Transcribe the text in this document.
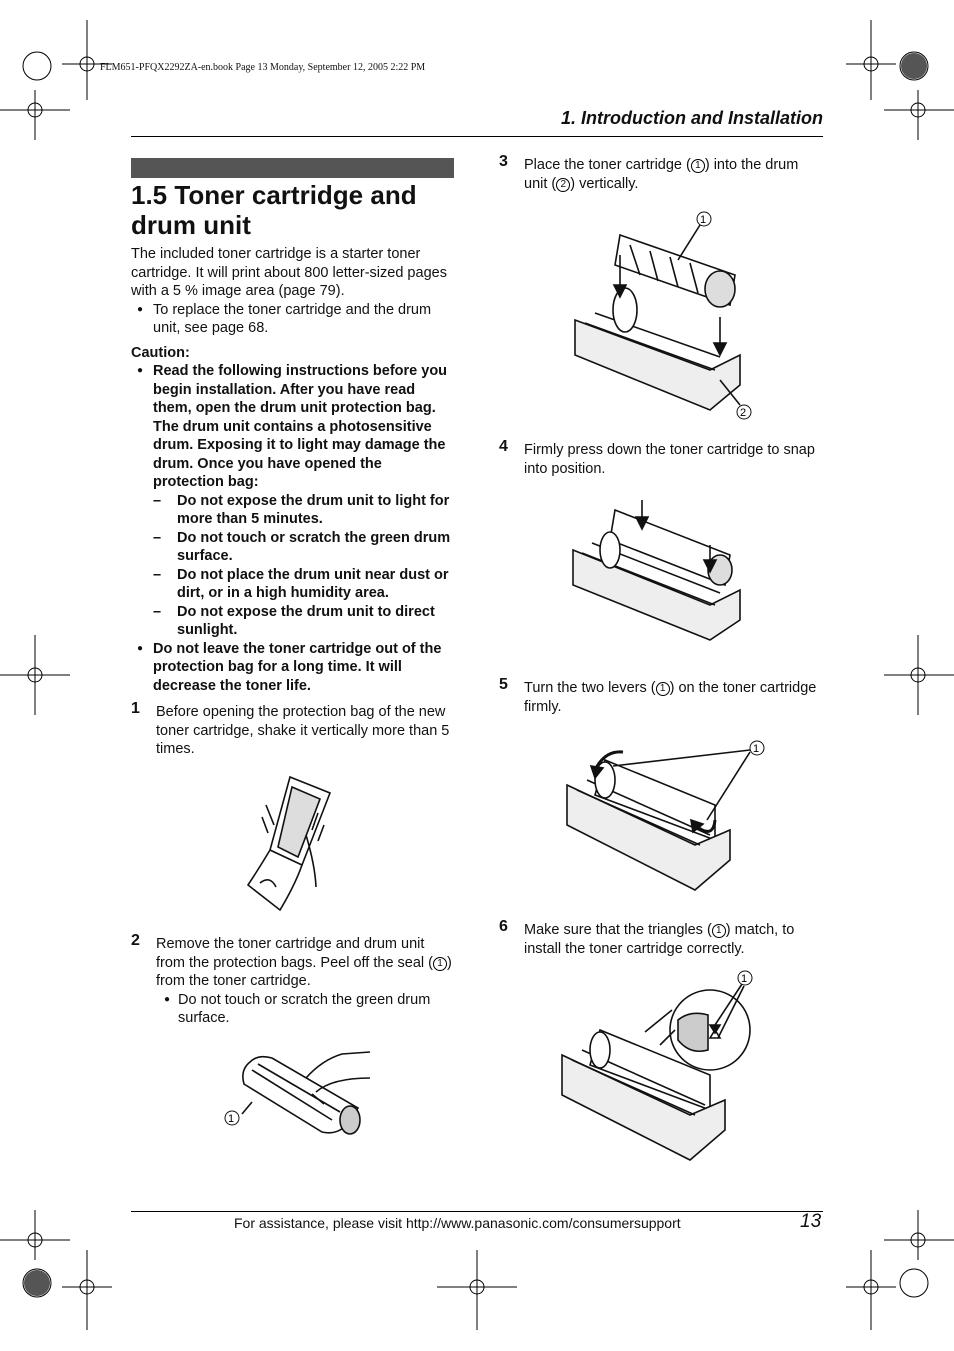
FLM651-PFQX2292ZA-en.book Page 13 Monday, September 12, 2005 2:22 PM
1. Introduction and Installation
1.5 Toner cartridge and drum unit
The included toner cartridge is a starter toner cartridge. It will print about 800 letter-sized pages with a 5 % image area (page 79).
● To replace the toner cartridge and the drum unit, see page 68.
Caution:
● Read the following instructions before you begin installation. After you have read them, open the drum unit protection bag. The drum unit contains a photosensitive drum. Exposing it to light may damage the drum. Once you have opened the protection bag:
– Do not expose the drum unit to light for more than 5 minutes.
– Do not touch or scratch the green drum surface.
– Do not place the drum unit near dust or dirt, or in a high humidity area.
– Do not expose the drum unit to direct sunlight.
● Do not leave the toner cartridge out of the protection bag for a long time. It will decrease the toner life.
1 Before opening the protection bag of the new toner cartridge, shake it vertically more than 5 times.
2 Remove the toner cartridge and drum unit from the protection bags. Peel off the seal ( 1 ) from the toner cartridge.
● Do not touch or scratch the green drum surface.
1
3 Place the toner cartridge ( 1 ) into the drum unit ( 2 ) vertically.
1
2
4 Firmly press down the toner cartridge to snap into position.
5 Turn the two levers ( 1 ) on the toner cartridge firmly.
1
6 Make sure that the triangles ( 1 ) match, to install the toner cartridge correctly.
1
For assistance, please visit http://www.panasonic.com/consumersupport	13
